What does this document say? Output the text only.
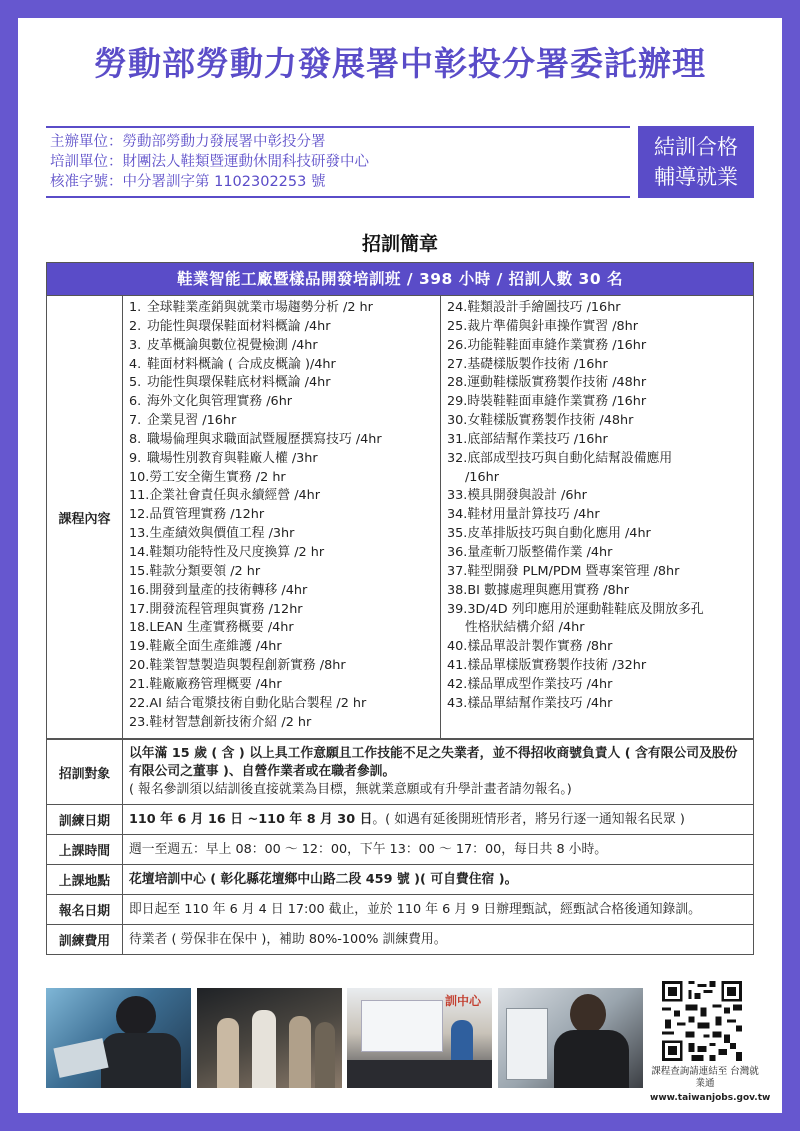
勞動部勞動力發展署中彰投分署委託辦理
主辦單位：勞動部勞動力發展署中彰投分署
培訓單位：財團法人鞋類暨運動休閒科技研發中心
核准字號：中分署訓字第 1102302253 號
結訓合格
輔導就業
招訓簡章
鞋業智能工廠暨樣品開發培訓班 / 398 小時 / 招訓人數 30 名
課程內容	
1. 全球鞋業產銷與就業市場趨勢分析 /2 hr
2. 功能性與環保鞋面材料概論 /4hr
3. 皮革概論與數位視覺檢測 /4hr
4. 鞋面材料概論 ( 合成皮概論 )/4hr
5. 功能性與環保鞋底材料概論 /4hr
6. 海外文化與管理實務 /6hr
7. 企業見習 /16hr
8. 職場倫理與求職面試暨履歷撰寫技巧 /4hr
9. 職場性別教育與鞋廠人權 /3hr
10.勞工安全衛生實務 /2 hr
11.企業社會責任與永續經營 /4hr
12.品質管理實務 /12hr
13.生產績效與價值工程 /3hr
14.鞋類功能特性及尺度換算 /2 hr
15.鞋款分類要領 /2 hr
16.開發到量產的技術轉移 /4hr
17.開發流程管理與實務 /12hr
18.LEAN 生產實務概要 /4hr
19.鞋廠全面生產維護 /4hr
20.鞋業智慧製造與製程創新實務 /8hr
21.鞋廠廠務管理概要 /4hr
22.AI 結合電漿技術自動化貼合製程 /2 hr
23.鞋材智慧創新技術介紹 /2 hr

24.鞋類設計手繪圖技巧 /16hr
25.裁片準備與針車操作實習 /8hr
26.功能鞋鞋面車縫作業實務 /16hr
27.基礎樣版製作技術 /16hr
28.運動鞋樣版實務製作技術 /48hr
29.時裝鞋鞋面車縫作業實務 /16hr
30.女鞋樣版實務製作技術 /48hr
31.底部結幫作業技巧 /16hr
32.底部成型技巧與自動化結幫設備應用
/16hr
33.模具開發與設計 /6hr
34.鞋材用量計算技巧 /4hr
35.皮革排版技巧與自動化應用 /4hr
36.量產斬刀版整備作業 /4hr
37.鞋型開發 PLM/PDM 暨專案管理 /8hr
38.BI 數據處理與應用實務 /8hr
39.3D/4D 列印應用於運動鞋鞋底及開放多孔
性格狀結構介紹 /4hr
40.樣品單設計製作實務 /8hr
41.樣品單樣版實務製作技術 /32hr
42.樣品單成型作業技巧 /4hr
43.樣品單結幫作業技巧 /4hr
招訓對象	以年滿 15 歲 ( 含 ) 以上具工作意願且工作技能不足之失業者，並不得招收商號負責人 ( 含有限公司及股份有限公司之董事 )、自營作業者或在職者參訓。
( 報名參訓須以結訓後直接就業為目標，無就業意願或有升學計畫者請勿報名。)

訓練日期	110 年 6 月 16 日 ~110 年 8 月 30 日。( 如遇有延後開班情形者，將另行逐一通知報名民眾 )
上課時間	週一至週五：早上 08：00 ～ 12：00，下午 13：00 ～ 17：00，每日共 8 小時。
上課地點	花壇培訓中心 ( 彰化縣花壇鄉中山路二段 459 號 )( 可自費住宿 )。
報名日期	即日起至 110 年 6 月 4 日 17:00 截止，並於 110 年 6 月 9 日辦理甄試，經甄試合格後通知錄訓。
訓練費用	待業者 ( 勞保非在保中 )，補助 80%-100% 訓練費用。
訓中心
課程查詢請連結至 台灣就業通
www.taiwanjobs.gov.tw
